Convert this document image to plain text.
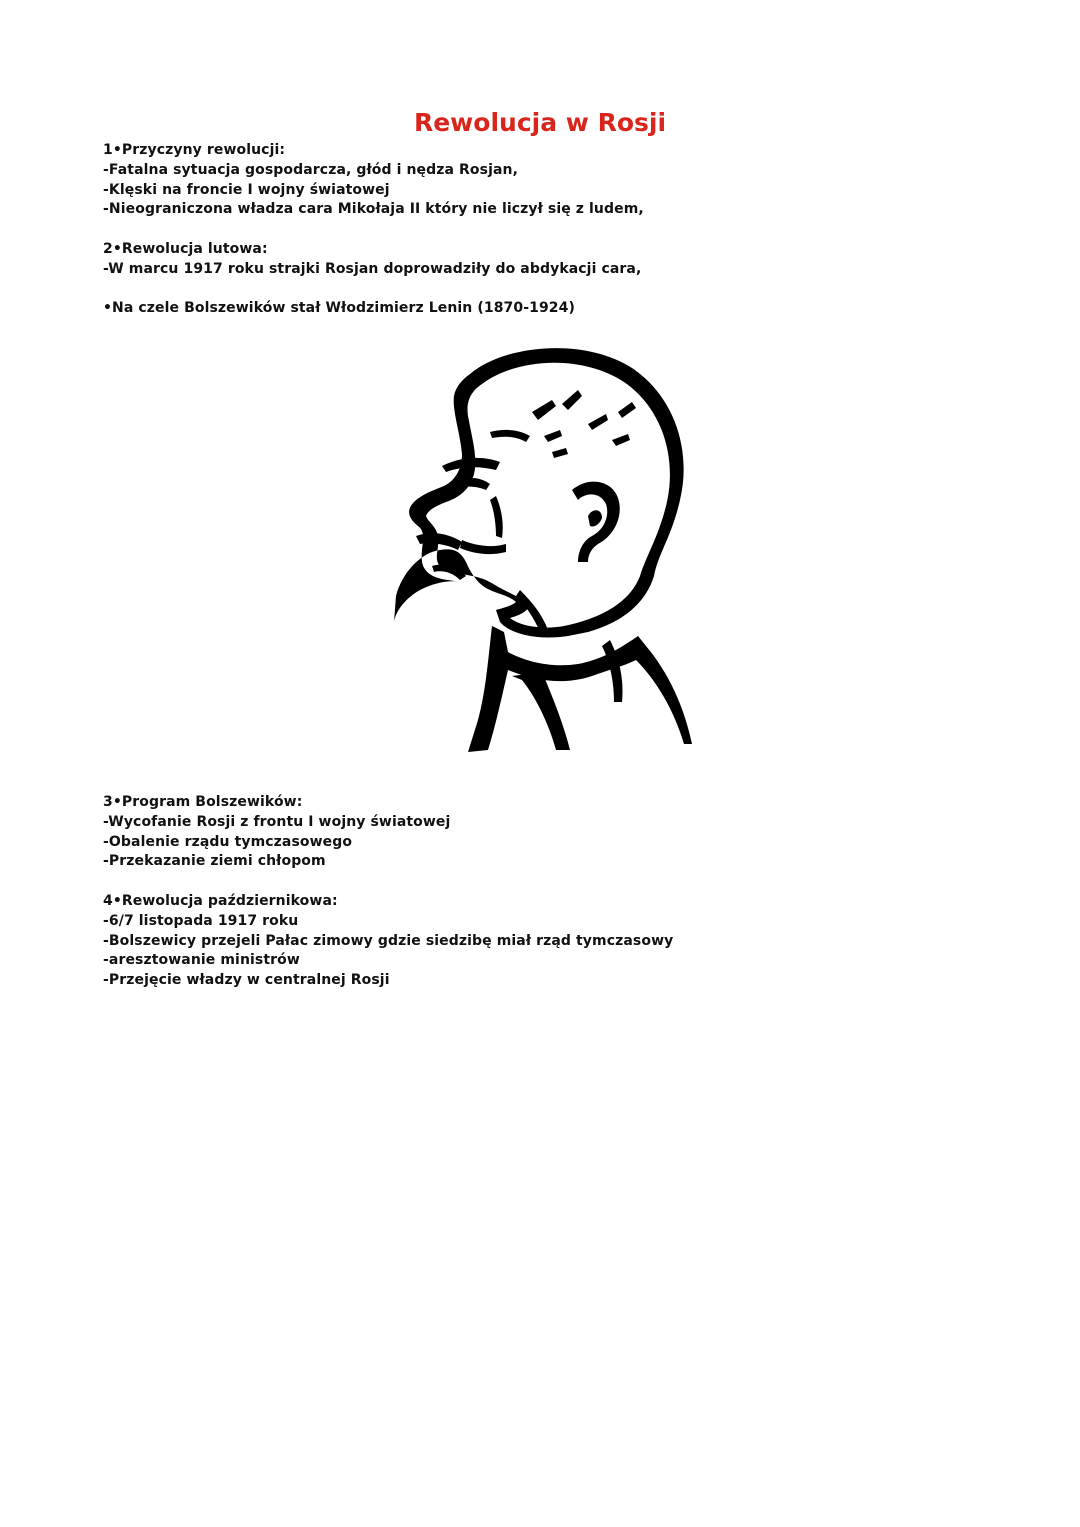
Rewolucja w Rosji
1•Przyczyny rewolucji:
-Fatalna sytuacja gospodarcza, głód i nędza Rosjan,
-Klęski na froncie I wojny światowej
-Nieograniczona władza cara Mikołaja II który nie liczył się z ludem,
2•Rewolucja lutowa:
-W marcu 1917 roku strajki Rosjan doprowadziły do abdykacji cara,
•Na czele Bolszewików stał Włodzimierz Lenin (1870-1924)
3•Program Bolszewików:
-Wycofanie Rosji z frontu I wojny światowej
-Obalenie rządu tymczasowego
-Przekazanie ziemi chłopom
4•Rewolucja październikowa:
-6/7 listopada 1917 roku
-Bolszewicy przejeli Pałac zimowy gdzie siedzibę miał rząd tymczasowy
-aresztowanie ministrów
-Przejęcie władzy w centralnej Rosji
